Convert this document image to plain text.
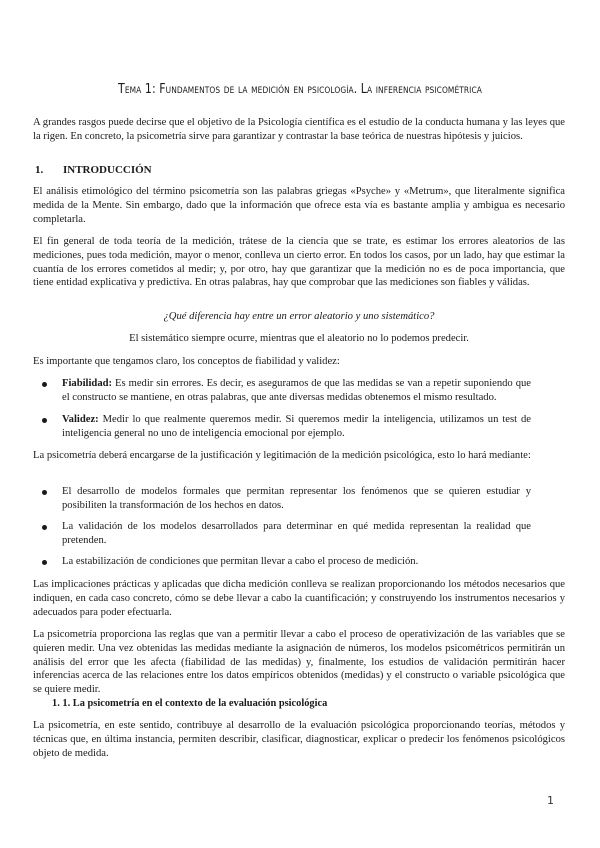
Tema 1: Fundamentos de la medición en psicología. La inferencia psicométrica

A grandes rasgos puede decirse que el objetivo de la Psicología científica es el estudio de la conducta humana y las leyes que la rigen. En concreto, la psicometría sirve para garantizar y contrastar la base teórica de nuestras hipótesis y juicios.

1. INTRODUCCIÓN

El análisis etimológico del término psicometría son las palabras griegas «Psyche» y «Metrum», que literalmente significa medida de la Mente. Sin embargo, dado que la información que ofrece esta vía es bastante amplia y ambigua es necesario completarla.

El fin general de toda teoría de la medición, trátese de la ciencia que se trate, es estimar los errores aleatorios de las mediciones, pues toda medición, mayor o menor, conlleva un cierto error. En todos los casos, por un lado, hay que estimar la cuantía de los errores cometidos al medir; y, por otro, hay que garantizar que la medición no es de poca importancia, que tiene entidad explicativa y predictiva. En otras palabras, hay que comprobar que las mediciones son fiables y válidas.

¿Qué diferencia hay entre un error aleatorio y uno sistemático?
El sistemático siempre ocurre, mientras que el aleatorio no lo podemos predecir.

Es importante que tengamos claro, los conceptos de fiabilidad y validez:

Fiabilidad: Es medir sin errores. Es decir, es aseguramos de que las medidas se van a repetir suponiendo que el constructo se mantiene, en otras palabras, que ante diversas medidas obtenemos el mismo resultado.
Validez: Medir lo que realmente queremos medir. Si queremos medir la inteligencia, utilizamos un test de inteligencia general no uno de inteligencia emocional por ejemplo.

La psicometría deberá encargarse de la justificación y legitimación de la medición psicológica, esto lo hará mediante:

El desarrollo de modelos formales que permitan representar los fenómenos que se quieren estudiar y posibiliten la transformación de los hechos en datos.
La validación de los modelos desarrollados para determinar en qué medida representan la realidad que pretenden.
La estabilización de condiciones que permitan llevar a cabo el proceso de medición.

Las implicaciones prácticas y aplicadas que dicha medición conlleva se realizan proporcionando los métodos necesarios que indiquen, en cada caso concreto, cómo se debe llevar a cabo la cuantificación; y construyendo los instrumentos necesarios y adecuados para poder efectuarla.

La psicometría proporciona las reglas que van a permitir llevar a cabo el proceso de operativización de las variables que se quieren medir. Una vez obtenidas las medidas mediante la asignación de números, los modelos psicométricos permitirán un análisis del error que les afecta (fiabilidad de las medidas) y, finalmente, los estudios de validación permitirán hacer inferencias acerca de las relaciones entre los datos empíricos obtenidos (medidas) y el constructo o variable psicológica que se quiere medir.

1. 1. La psicometría en el contexto de la evaluación psicológica

La psicometría, en este sentido, contribuye al desarrollo de la evaluación psicológica proporcionando teorías, métodos y técnicas que, en última instancia, permiten describir, clasificar, diagnosticar, explicar o predecir los fenómenos psicológicos objeto de medida.

1
